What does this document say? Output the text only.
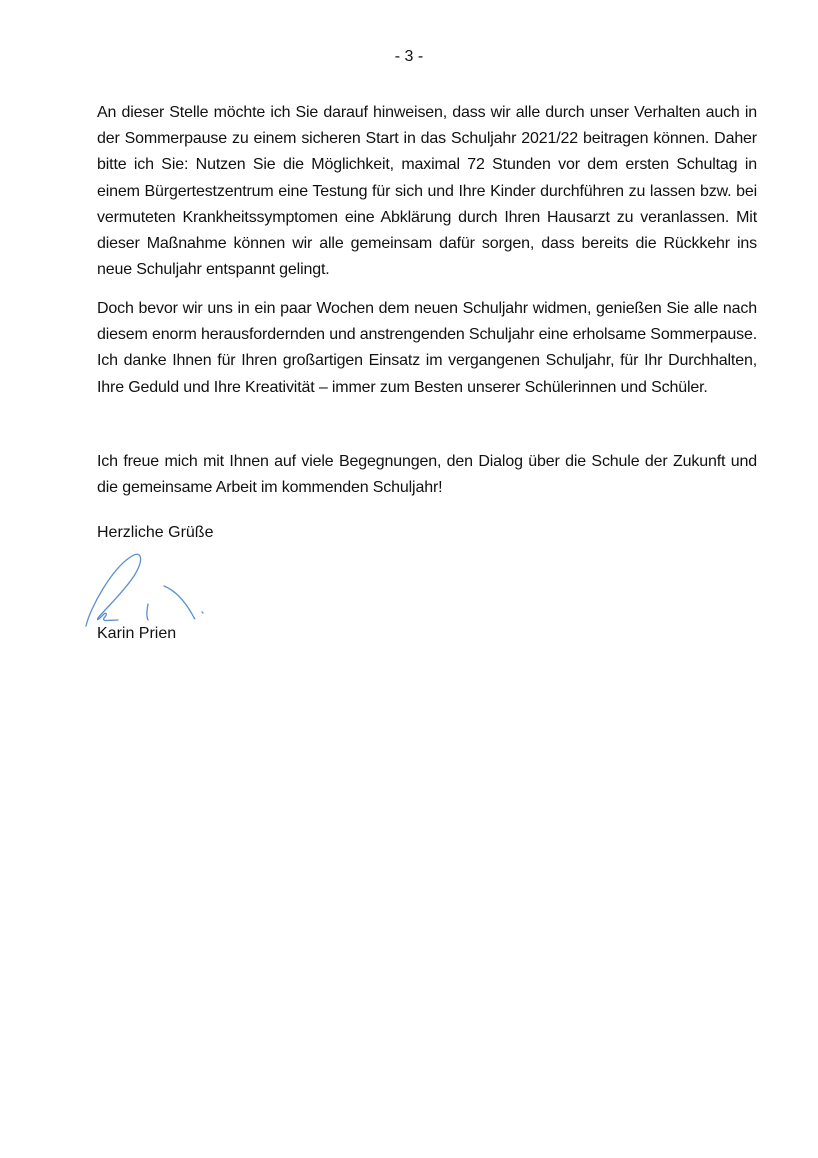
- 3 -

An dieser Stelle möchte ich Sie darauf hinweisen, dass wir alle durch unser Verhalten auch in der Sommerpause zu einem sicheren Start in das Schuljahr 2021/22 beitragen können. Daher bitte ich Sie: Nutzen Sie die Möglichkeit, maximal 72 Stunden vor dem ersten Schultag in einem Bürgertestzentrum eine Testung für sich und Ihre Kinder durchführen zu lassen bzw. bei vermuteten Krankheitssymptomen eine Abklärung durch Ihren Hausarzt zu veranlassen. Mit dieser Maßnahme können wir alle gemeinsam dafür sorgen, dass bereits die Rückkehr ins neue Schuljahr entspannt gelingt.

Doch bevor wir uns in ein paar Wochen dem neuen Schuljahr widmen, genießen Sie alle nach diesem enorm herausfordernden und anstrengenden Schuljahr eine erholsame Sommerpause. Ich danke Ihnen für Ihren großartigen Einsatz im vergangenen Schuljahr, für Ihr Durchhalten, Ihre Geduld und Ihre Kreativität – immer zum Besten unserer Schülerinnen und Schüler.

Ich freue mich mit Ihnen auf viele Begegnungen, den Dialog über die Schule der Zukunft und die gemeinsame Arbeit im kommenden Schuljahr!

Herzliche Grüße
Karin Prien
